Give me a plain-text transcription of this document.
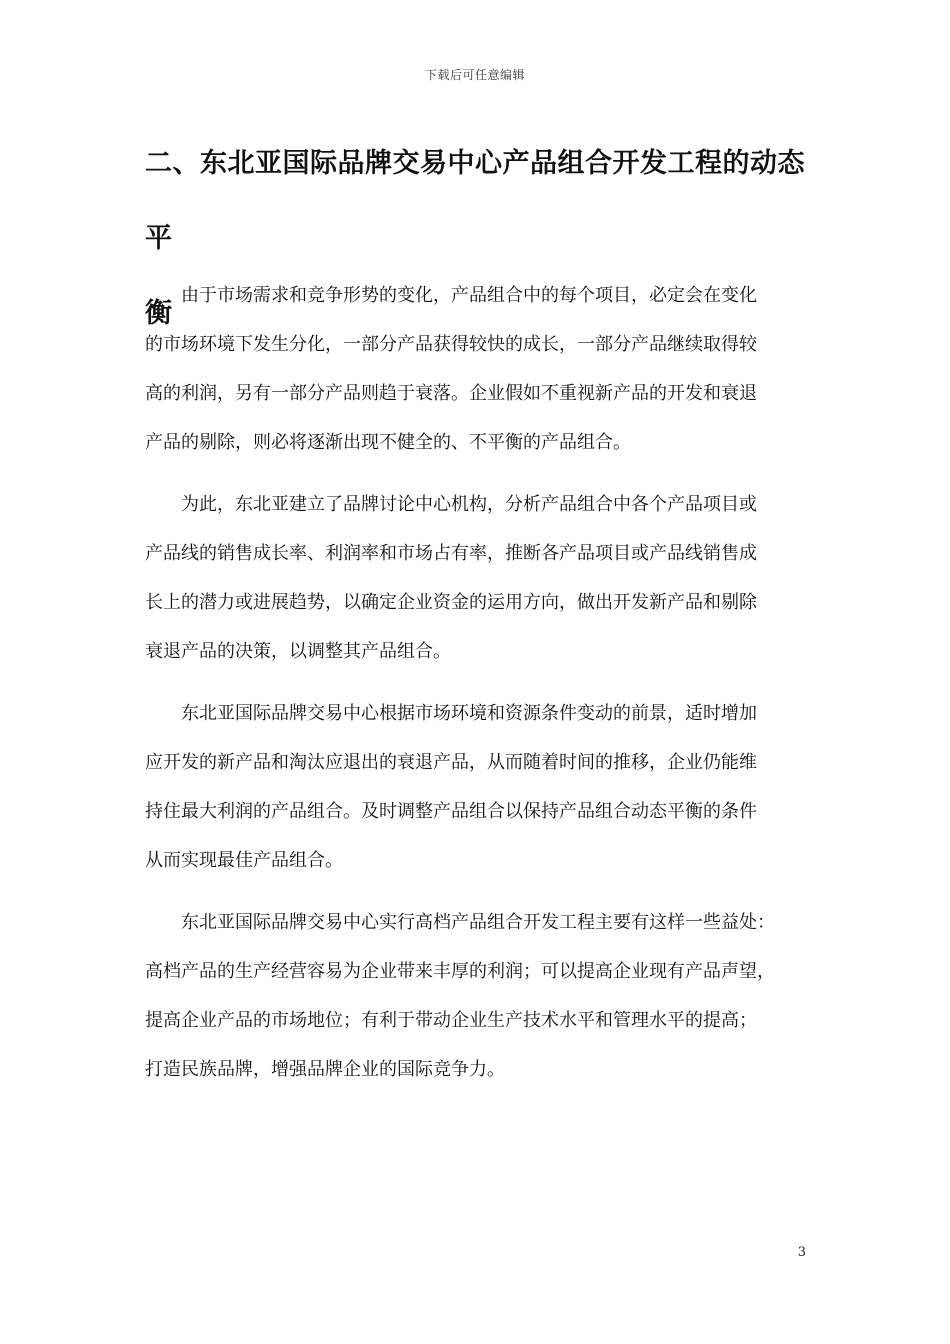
下载后可任意编辑
二、东北亚国际品牌交易中心产品组合开发工程的动态平
衡

由于市场需求和竞争形势的变化，产品组合中的每个项目，必定会在变化
的市场环境下发生分化，一部分产品获得较快的成长，一部分产品继续取得较
高的利润，另有一部分产品则趋于衰落。企业假如不重视新产品的开发和衰退
产品的剔除，则必将逐渐出现不健全的、不平衡的产品组合。

为此，东北亚建立了品牌讨论中心机构，分析产品组合中各个产品项目或
产品线的销售成长率、利润率和市场占有率，推断各产品项目或产品线销售成
长上的潜力或进展趋势，以确定企业资金的运用方向，做出开发新产品和剔除
衰退产品的决策，以调整其产品组合。

东北亚国际品牌交易中心根据市场环境和资源条件变动的前景，适时增加
应开发的新产品和淘汰应退出的衰退产品，从而随着时间的推移，企业仍能维
持住最大利润的产品组合。及时调整产品组合以保持产品组合动态平衡的条件
从而实现最佳产品组合。

东北亚国际品牌交易中心实行高档产品组合开发工程主要有这样一些益处：
高档产品的生产经营容易为企业带来丰厚的利润；可以提高企业现有产品声望，
提高企业产品的市场地位；有利于带动企业生产技术水平和管理水平的提高；
打造民族品牌，增强品牌企业的国际竞争力。

3
